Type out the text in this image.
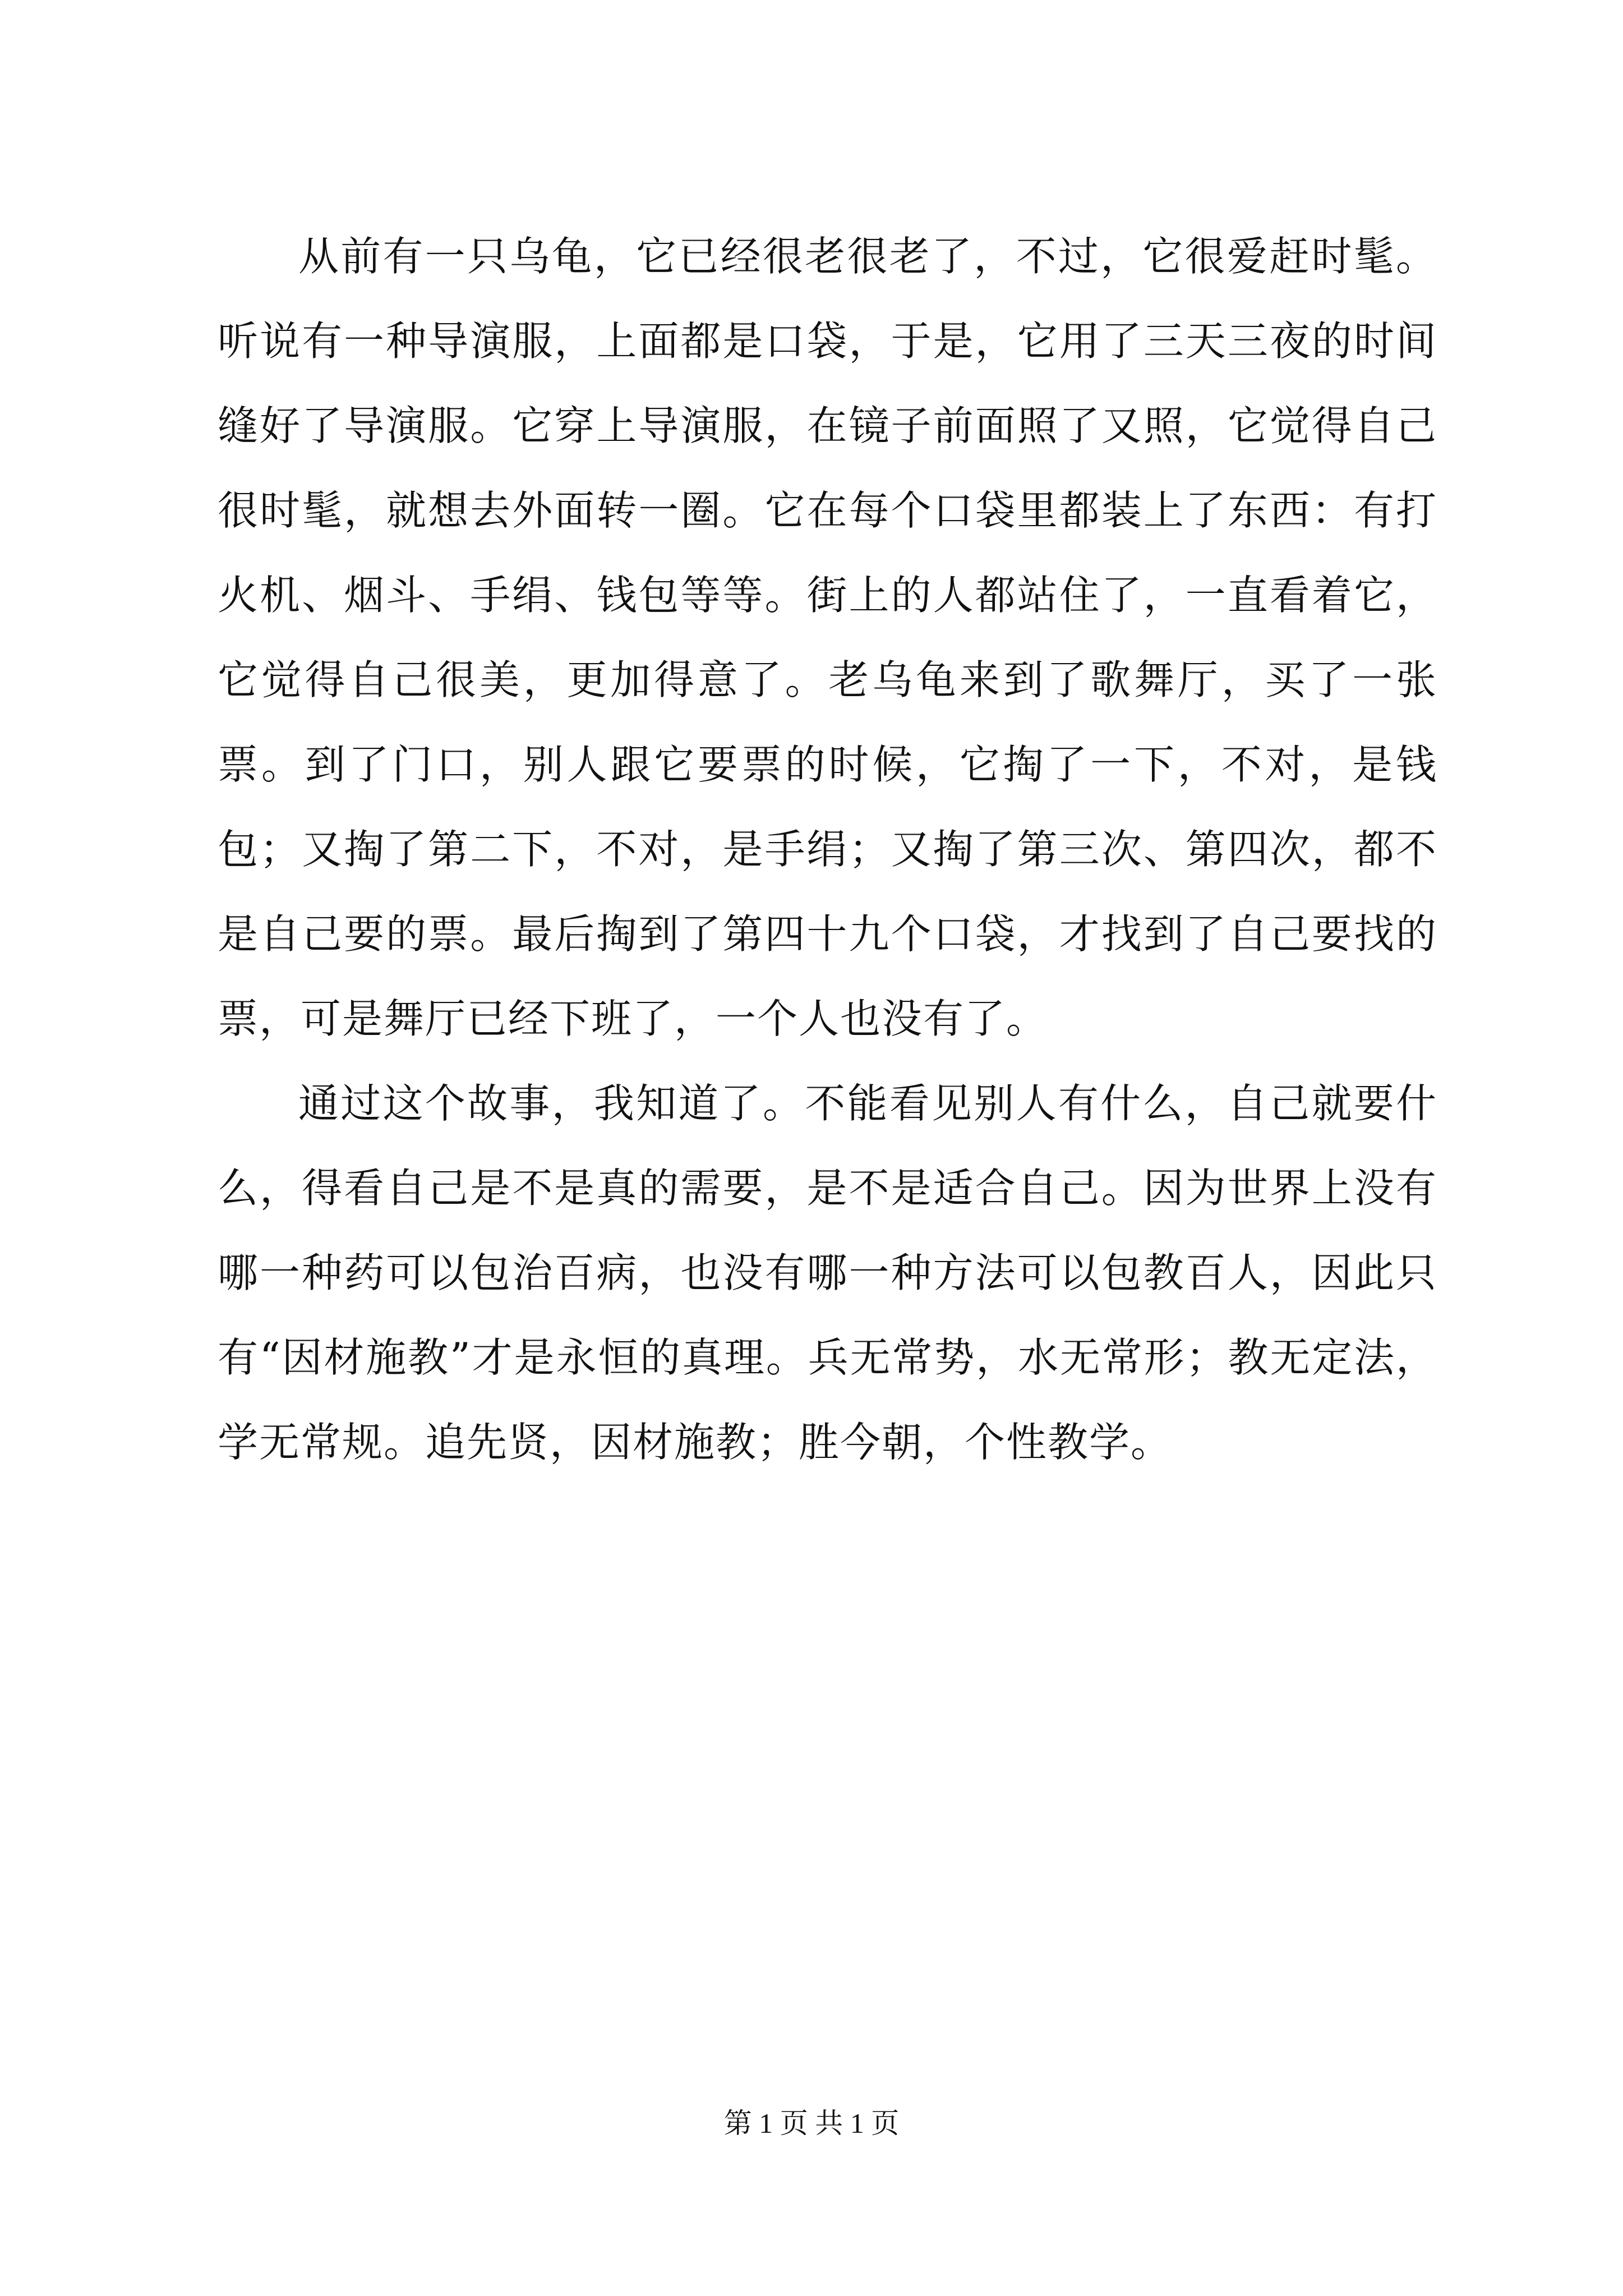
从前有一只乌龟，它已经很老很老了，不过，它很爱赶时髦。听说有一种导演服，上面都是口袋，于是，它用了三天三夜的时间缝好了导演服。它穿上导演服，在镜子前面照了又照，它觉得自己很时髦，就想去外面转一圈。它在每个口袋里都装上了东西：有打火机、烟斗、手绢、钱包等等。街上的人都站住了，一直看着它，它觉得自己很美，更加得意了。老乌龟来到了歌舞厅，买了一张票。到了门口，别人跟它要票的时候，它掏了一下，不对，是钱包；又掏了第二下，不对，是手绢；又掏了第三次、第四次，都不是自己要的票。最后掏到了第四十九个口袋，才找到了自己要找的票，可是舞厅已经下班了，一个人也没有了。

通过这个故事，我知道了。不能看见别人有什么，自己就要什么，得看自己是不是真的需要，是不是适合自己。因为世界上没有哪一种药可以包治百病，也没有哪一种方法可以包教百人，因此只有“因材施教”才是永恒的真理。兵无常势，水无常形；教无定法，学无常规。追先贤，因材施教；胜今朝，个性教学。

第 1 页 共 1 页
